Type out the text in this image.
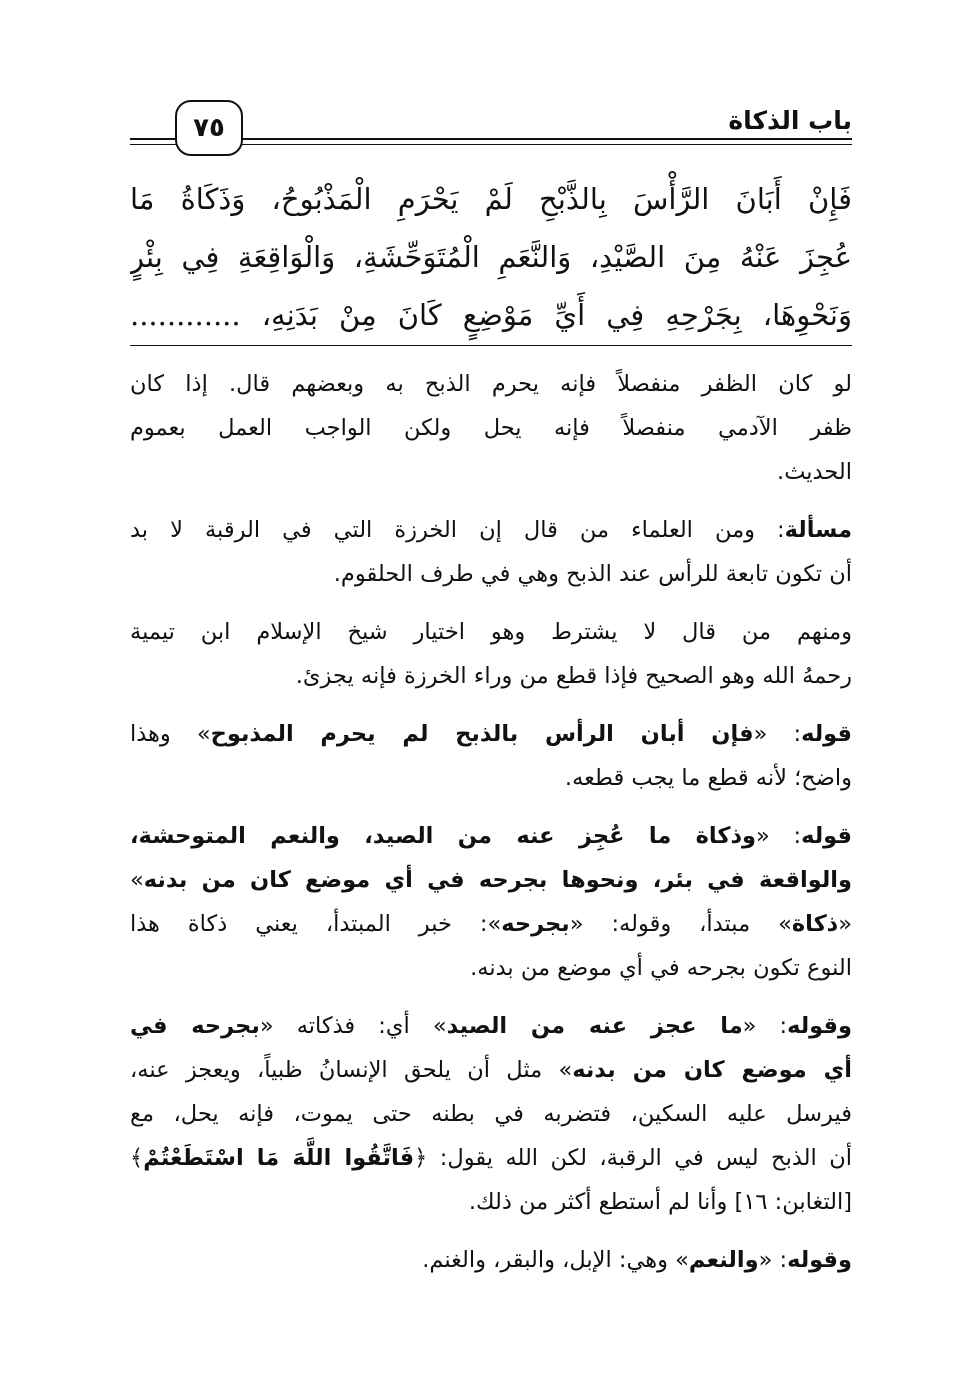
باب الذكاة
٧٥
فَإِنْ أَبَانَ الرَّأْسَ بِالذَّبْحِ لَمْ يَحْرَمِ الْمَذْبُوحُ، وَذَكَاةُ مَا
عُجِزَ عَنْهُ مِنَ الصَّيْدِ، وَالنَّعَمِ الْمُتَوَحِّشَةِ، وَالْوَاقِعَةِ فِي بِئْرٍ
وَنَحْوِهَا، بِجَرْحِهِ فِي أَيِّ مَوْضِعٍ كَانَ مِنْ بَدَنِهِ، ............
لو كان الظفر منفصلاً فإنه يحرم الذبح به وبعضهم قال. إذا كان
ظفر الآدمي منفصلاً فإنه يحل ولكن الواجب العمل بعموم
الحديث.
مسألة: ومن العلماء من قال إن الخرزة التي في الرقبة لا بد
أن تكون تابعة للرأس عند الذبح وهي في طرف الحلقوم.
ومنهم من قال لا يشترط وهو اختيار شيخ الإسلام ابن تيمية
رحمهُ الله وهو الصحيح فإذا قطع من وراء الخرزة فإنه يجزئ.
قوله: «فإن أبان الرأس بالذبح لم يحرم المذبوح» وهذا
واضح؛ لأنه قطع ما يجب قطعه.
قوله: «وذكاة ما عُجِز عنه من الصيد، والنعم المتوحشة،
والواقعة في بئر، ونحوها بجرحه في أي موضع كان من بدنه»
«ذكاة» مبتدأ، وقوله: «بجرحه»: خبر المبتدأ، يعني ذكاة هذا
النوع تكون بجرحه في أي موضع من بدنه.
وقوله: «ما عجز عنه من الصيد» أي: فذكاته «بجرحه في
أي موضع كان من بدنه» مثل أن يلحق الإنسانُ ظبياً، ويعجز عنه،
فيرسل عليه السكين، فتضربه في بطنه حتى يموت، فإنه يحل، مع
أن الذبح ليس في الرقبة، لكن الله يقول: ﴿فَاتَّقُوا اللَّهَ مَا اسْتَطَعْتُمْ﴾
[التغابن: ١٦] وأنا لم أستطع أكثر من ذلك.
وقوله: «والنعم» وهي: الإبل، والبقر، والغنم.
